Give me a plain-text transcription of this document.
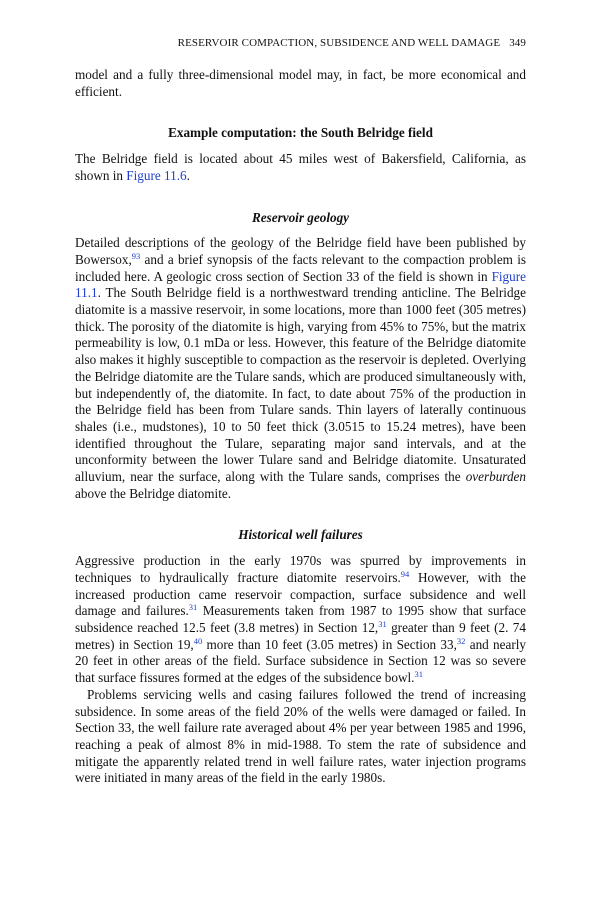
RESERVOIR COMPACTION, SUBSIDENCE AND WELL DAMAGE 349

model and a fully three-dimensional model may, in fact, be more economical and efficient.

Example computation: the South Belridge field

The Belridge field is located about 45 miles west of Bakersfield, California, as shown in Figure 11.6.

Reservoir geology

Detailed descriptions of the geology of the Belridge field have been published by Bowersox,$^{93}$ and a brief synopsis of the facts relevant to the compaction problem is included here. A geologic cross section of Section 33 of the field is shown in Figure 11.1. The South Belridge field is a northwestward trending anticline. The Belridge diatomite is a massive reservoir, in some locations, more than 1000 feet (305 metres) thick. The porosity of the diatomite is high, varying from 45% to 75%, but the matrix permeability is low, 0.1 mDa or less. However, this feature of the Belridge diatomite also makes it highly susceptible to compaction as the reservoir is depleted. Overlying the Belridge diatomite are the Tulare sands, which are produced simultaneously with, but independently of, the diatomite. In fact, to date about 75% of the production in the Belridge field has been from Tulare sands. Thin layers of laterally continuous shales (i.e., mudstones), 10 to 50 feet thick (3.0515 to 15.24 metres), have been identified throughout the Tulare, separating major sand intervals, and at the unconformity between the lower Tulare sand and Belridge diatomite. Unsaturated alluvium, near the surface, along with the Tulare sands, comprises the overburden above the Belridge diatomite.

Historical well failures

Aggressive production in the early 1970s was spurred by improvements in techniques to hydraulically fracture diatomite reservoirs.$^{94}$ However, with the increased production came reservoir compaction, surface subsidence and well damage and failures.$^{31}$ Measurements taken from 1987 to 1995 show that surface subsidence reached 12.5 feet (3.8 metres) in Section 12,31 greater than 9 feet (2. 74 metres) in Section 19,40 more than 10 feet (3.05 metres) in Section 33,32 and nearly 20 feet in other areas of the field. Surface subsidence in Section 12 was so severe that surface fissures formed at the edges of the subsidence bowl.$^{31}$

Problems servicing wells and casing failures followed the trend of increasing subsidence. In some areas of the field 20% of the wells were damaged or failed. In Section 33, the well failure rate averaged about 4% per year between 1985 and 1996, reaching a peak of almost 8% in mid-1988. To stem the rate of subsidence and mitigate the apparently related trend in well failure rates, water injection programs were initiated in many areas of the field in the early 1980s.
